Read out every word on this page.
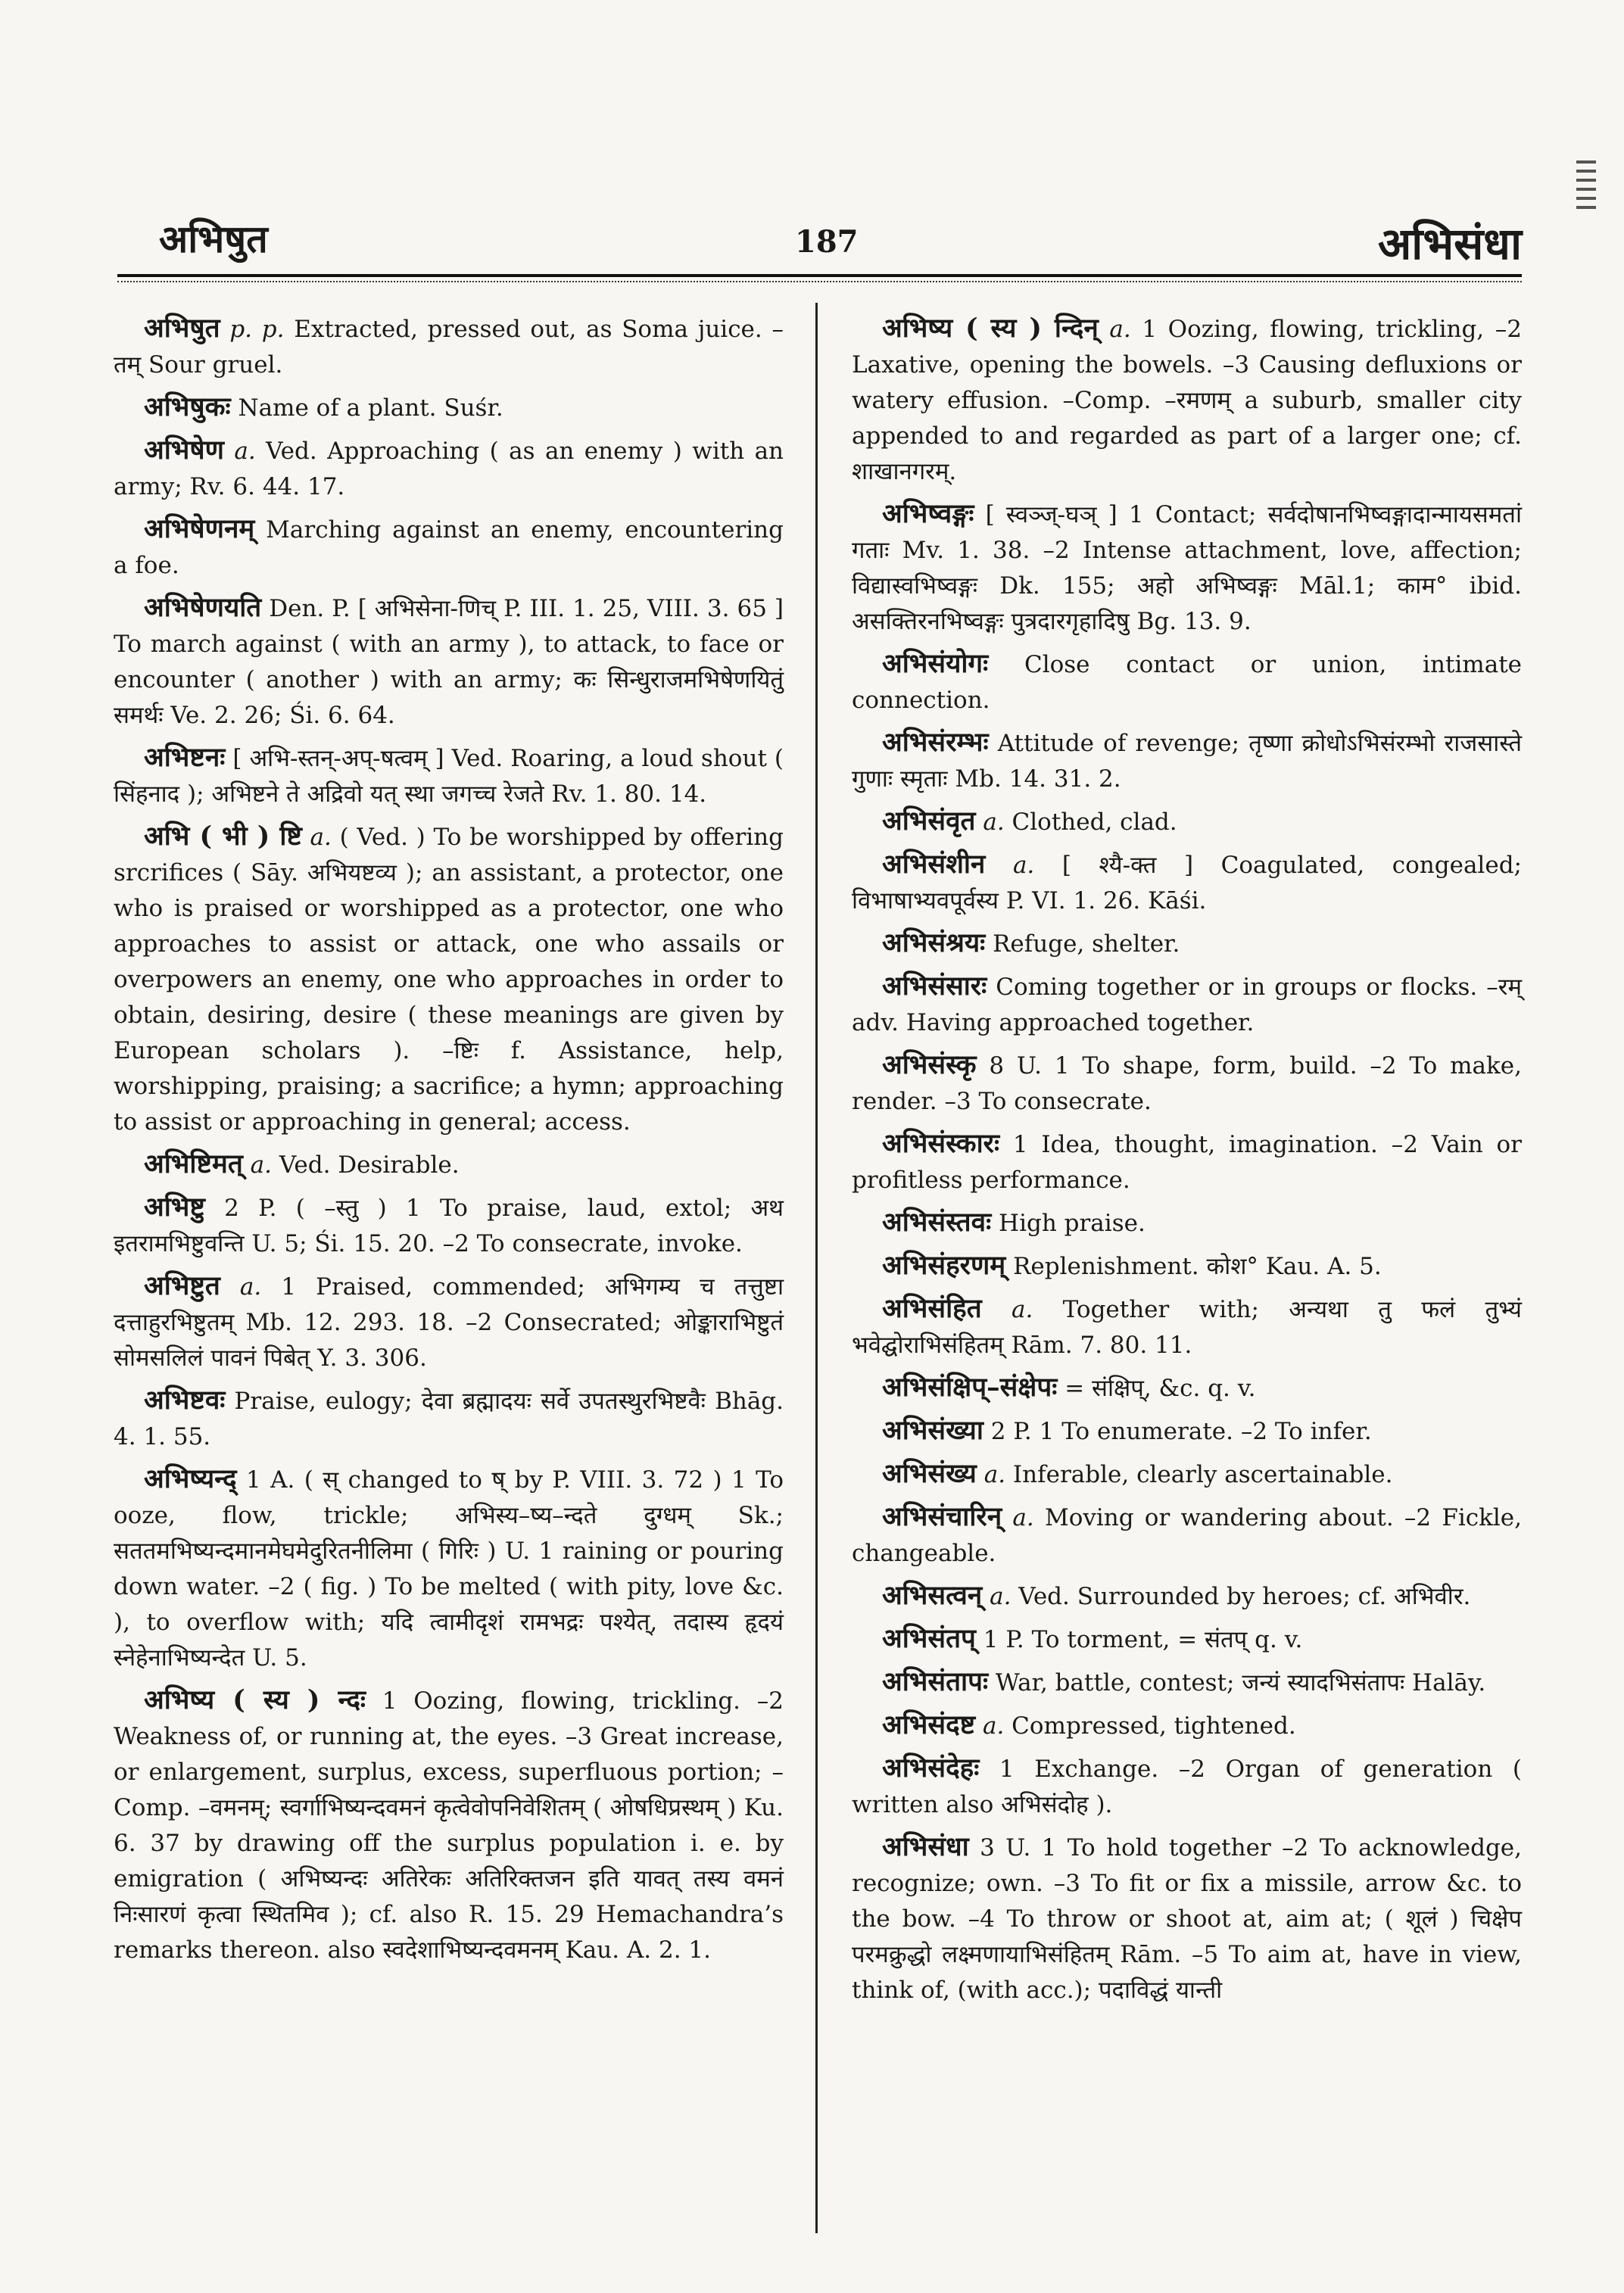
अभिषुत	187	अभिसंधा

अभिषुत p. p. Extracted, pressed out, as Soma juice. –तम् Sour gruel.

अभिषुकः Name of a plant. Suśr.

अभिषेण a. Ved. Approaching ( as an enemy ) with an army; Rv. 6. 44. 17.

अभिषेणनम् Marching against an enemy, encountering a foe.

अभिषेणयति Den. P. [ अभिसेना-णिच् P. III. 1. 25, VIII. 3. 65 ] To march against ( with an army ), to attack, to face or encounter ( another ) with an army; कः सिन्धुराजमभिषेणयितुं समर्थः Ve. 2. 26; Śi. 6. 64.

अभिष्टनः [ अभि-स्तन्-अप्-षत्वम् ] Ved. Roaring, a loud shout ( सिंहनाद ); अभिष्टने ते अद्रिवो यत् स्था जगच्च रेजते Rv. 1. 80. 14.

अभि ( भी ) ष्टि a. ( Ved. ) To be worshipped by offering srcrifices ( Sāy. अभियष्टव्य ); an assistant, a protector, one who is praised or worshipped as a protector, one who approaches to assist or attack, one who assails or overpowers an enemy, one who approaches in order to obtain, desiring, desire ( these meanings are given by European scholars ). –ष्टिः f. Assistance, help, worshipping, praising; a sacrifice; a hymn; approaching to assist or approaching in general; access.

अभिष्टिमत् a. Ved. Desirable.

अभिष्टु 2 P. ( –स्तु ) 1 To praise, laud, extol; अथ इतरामभिष्टुवन्ति U. 5; Śi. 15. 20. –2 To consecrate, invoke.

अभिष्टुत a. 1 Praised, commended; अभिगम्य च तत्तुष्टा दत्ताहुरभिष्टुतम् Mb. 12. 293. 18. –2 Consecrated; ओङ्काराभिष्टुतं सोमसलिलं पावनं पिबेत् Y. 3. 306.

अभिष्टवः Praise, eulogy; देवा ब्रह्मादयः सर्वे उपतस्थुरभिष्टवैः Bhāg. 4. 1. 55.

अभिष्यन्द् 1 A. ( स् changed to ष् by P. VIII. 3. 72 ) 1 To ooze, flow, trickle; अभिस्य–ष्य–न्दते दुग्धम् Sk.; सततमभिष्यन्दमानमेघमेदुरितनीलिमा ( गिरिः ) U. 1 raining or pouring down water. –2 ( fig. ) To be melted ( with pity, love &c. ), to overflow with; यदि त्वामीदृशं रामभद्रः पश्येत्, तदास्य हृदयं स्नेहेनाभिष्यन्देत U. 5.

अभिष्य ( स्य ) न्दः 1 Oozing, flowing, trickling. –2 Weakness of, or running at, the eyes. –3 Great increase, or enlargement, surplus, excess, superfluous portion; –Comp. –वमनम्; स्वर्गाभिष्यन्दवमनं कृत्वेवोपनिवेशितम् ( ओषधिप्रस्थम् ) Ku. 6. 37 by drawing off the surplus population i. e. by emigration ( अभिष्यन्दः अतिरेकः अतिरिक्तजन इति यावत् तस्य वमनं निःसारणं कृत्वा स्थितमिव ); cf. also R. 15. 29 Hemachandra’s remarks thereon. also स्वदेशाभिष्यन्दवमनम् Kau. A. 2. 1.

अभिष्य ( स्य ) न्दिन् a. 1 Oozing, flowing, trickling, –2 Laxative, opening the bowels. –3 Causing defluxions or watery effusion. –Comp. –रमणम् a suburb, smaller city appended to and regarded as part of a larger one; cf. शाखानगरम्.

अभिष्वङ्गः [ स्वञ्ज्-घञ् ] 1 Contact; सर्वदोषानभिष्वङ्गादान्मायसमतां गताः Mv. 1. 38. –2 Intense attachment, love, affection; विद्यास्वभिष्वङ्गः Dk. 155; अहो अभिष्वङ्गः Māl.1; काम° ibid. असक्तिरनभिष्वङ्गः पुत्रदारगृहादिषु Bg. 13. 9.

अभिसंयोगः Close contact or union, intimate connection.

अभिसंरम्भः Attitude of revenge; तृष्णा क्रोधोऽभिसंरम्भो राजसास्ते गुणाः स्मृताः Mb. 14. 31. 2.

अभिसंवृत a. Clothed, clad.

अभिसंशीन a. [ श्यै-क्त ] Coagulated, congealed; विभाषाभ्यवपूर्वस्य P. VI. 1. 26. Kāśi.

अभिसंश्रयः Refuge, shelter.

अभिसंसारः Coming together or in groups or flocks. –रम् adv. Having approached together.

अभिसंस्कृ 8 U. 1 To shape, form, build. –2 To make, render. –3 To consecrate.

अभिसंस्कारः 1 Idea, thought, imagination. –2 Vain or profitless performance.

अभिसंस्तवः High praise.

अभिसंहरणम् Replenishment. कोश° Kau. A. 5.

अभिसंहित a. Together with; अन्यथा तु फलं तुभ्यं भवेद्घोराभिसंहितम् Rām. 7. 80. 11.

अभिसंक्षिप्–संक्षेपः = संक्षिप्, &c. q. v.

अभिसंख्या 2 P. 1 To enumerate. –2 To infer.

अभिसंख्य a. Inferable, clearly ascertainable.

अभिसंचारिन् a. Moving or wandering about. –2 Fickle, changeable.

अभिसत्वन् a. Ved. Surrounded by heroes; cf. अभिवीर.

अभिसंतप् 1 P. To torment, = संतप् q. v.

अभिसंतापः War, battle, contest; जन्यं स्यादभिसंतापः Halāy.

अभिसंदष्ट a. Compressed, tightened.

अभिसंदेहः 1 Exchange. –2 Organ of generation ( written also अभिसंदोह ).

अभिसंधा 3 U. 1 To hold together –2 To acknowledge, recognize; own. –3 To fit or fix a missile, arrow &c. to the bow. –4 To throw or shoot at, aim at; ( शूलं ) चिक्षेप परमक्रुद्धो लक्ष्मणायाभिसंहितम् Rām. –5 To aim at, have in view, think of, (with acc.); पदाविद्धं यान्ती
